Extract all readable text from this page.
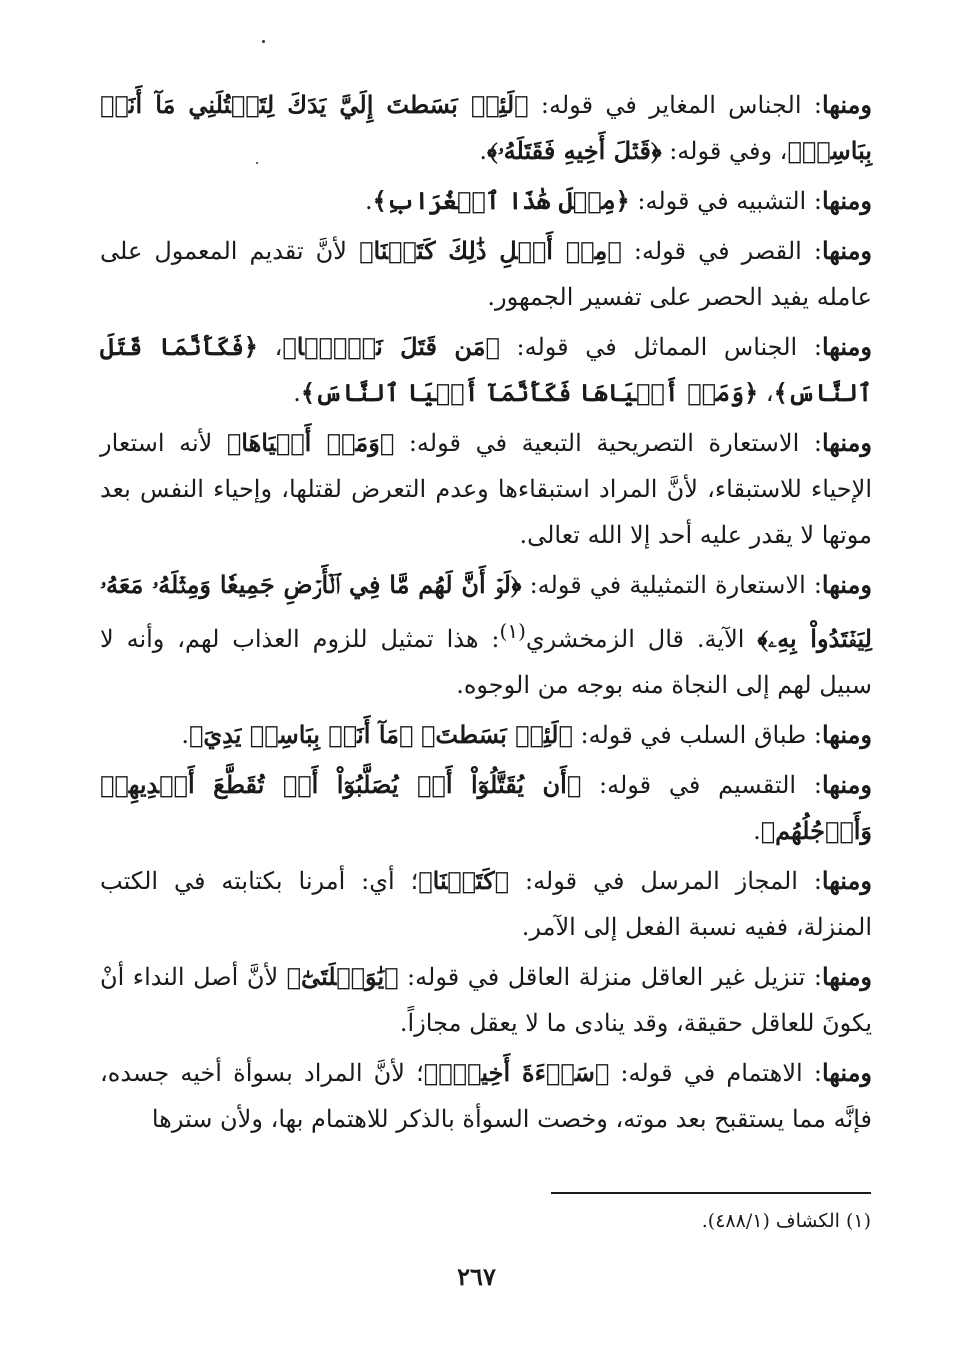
ومنها: الجناس المغاير في قوله: ﴿لَئِنۢ بَسَطتَ إِلَيَّ يَدَكَ لِتَقۡتُلَنِي مَآ أَنَا۠ بِبَاسِطٖ﴾، وفي قوله: ﴿قَتۡلَ أَخِيهِ فَقَتَلَهُۥ﴾.

ومنها: التشبيه في قوله: ﴿مِثۡلَ هَٰذَا ٱلۡغُرَابِ﴾.

ومنها: القصر في قوله: ﴿مِنۡ أَجۡلِ ذَٰلِكَ كَتَبۡنَا﴾ لأنَّ تقديم المعمول على عامله يفيد الحصر على تفسير الجمهور.

ومنها: الجناس المماثل في قوله: ﴿مَن قَتَلَ نَفۡسَۢا﴾، ﴿فَكَأَنَّمَا قَتَلَ ٱلنَّاسَ﴾، ﴿وَمَنۡ أَحۡيَاهَا فَكَأَنَّمَآ أَحۡيَا ٱلنَّاسَ﴾.

ومنها: الاستعارة التصريحية التبعية في قوله: ﴿وَمَنۡ أَحۡيَاهَا﴾ لأنه استعار الإحياء للاستبقاء، لأنَّ المراد استبقاءها وعدم التعرض لقتلها، وإحياء النفس بعد موتها لا يقدر عليه أحد إلا الله تعالى.

ومنها: الاستعارة التمثيلية في قوله: ﴿لَوۡ أَنَّ لَهُم مَّا فِي ٱلۡأَرۡضِ جَمِيعٗا وَمِثۡلَهُۥ مَعَهُۥ لِيَفۡتَدُواْ بِهِۦ﴾ الآية. قال الزمخشري$^{(١)}$: هذا تمثيل للزوم العذاب لهم، وأنه لا سبيل لهم إلى النجاة منه بوجه من الوجوه.

ومنها: طباق السلب في قوله: ﴿لَئِنۢ بَسَطتَ﴾ ﴿مَآ أَنَا۠ بِبَاسِطٖ يَدِيَ﴾.

ومنها: التقسيم في قوله: ﴿أَن يُقَتَّلُوٓاْ أَوۡ يُصَلَّبُوٓاْ أَوۡ تُقَطَّعَ أَيۡدِيهِمۡ وَأَرۡجُلُهُم﴾.

ومنها: المجاز المرسل في قوله: ﴿كَتَبۡنَا﴾؛ أي: أمرنا بكتابته في الكتب المنزلة، ففيه نسبة الفعل إلى الآمر.

ومنها: تنزيل غير العاقل منزلة العاقل في قوله: ﴿يَٰوَيۡلَتَىٰٓ﴾ لأنَّ أصل النداء أنْ يكونَ للعاقل حقيقة، وقد ينادى ما لا يعقل مجازاً.

ومنها: الاهتمام في قوله: ﴿سَوۡءَةَ أَخِيهِۚ﴾؛ لأنَّ المراد بسوأة أخيه جسده، فإنَّه مما يستقبح بعد موته، وخصت السوأة بالذكر للاهتمام بها، ولأن سترها

(١) الكشاف (٤٨٨/١).
٢٦٧
